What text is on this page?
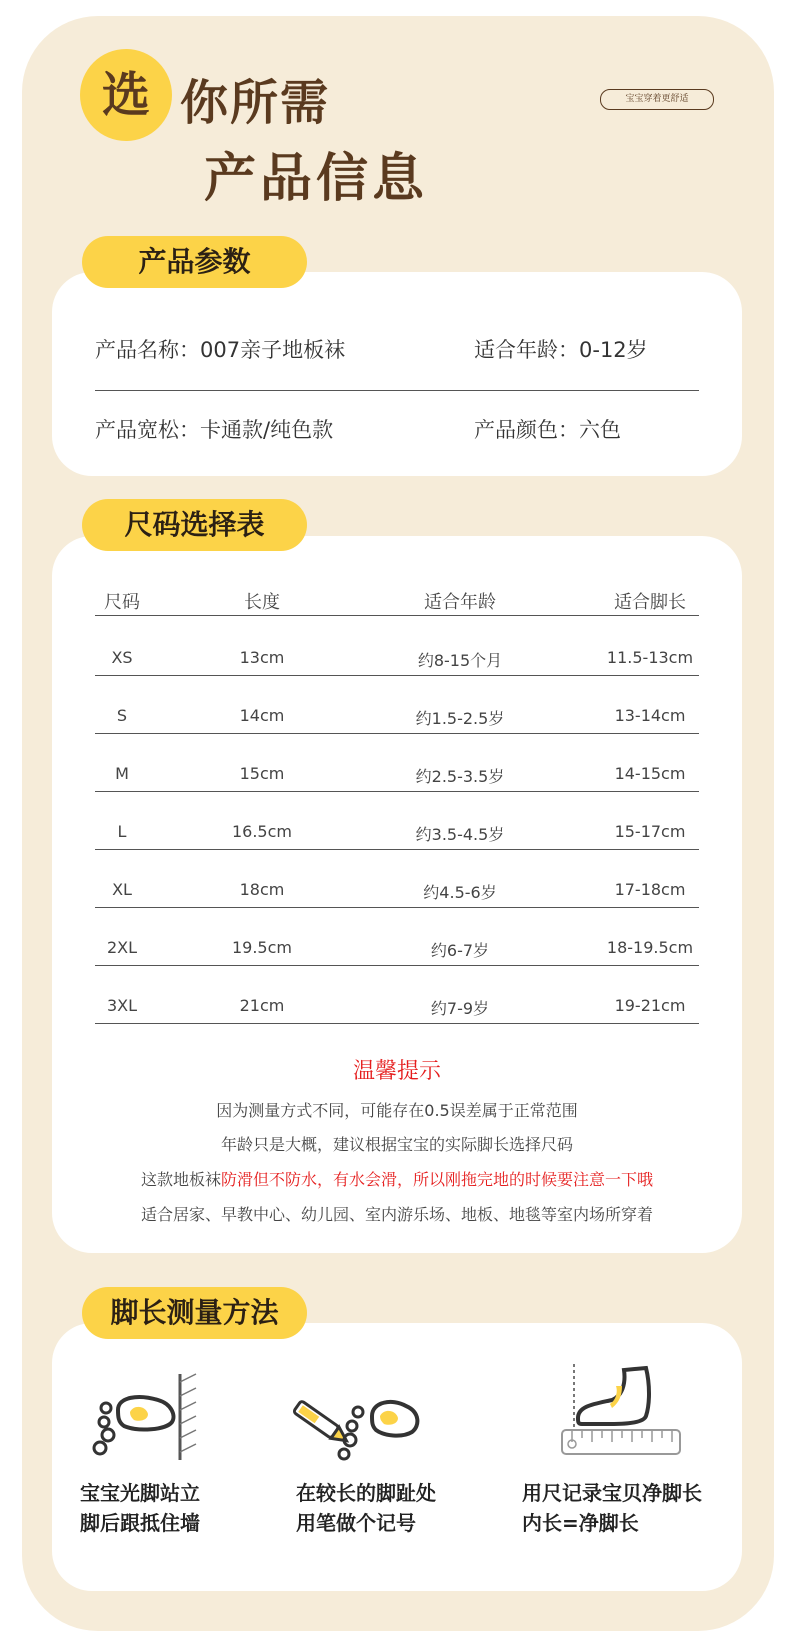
选 你所需
产品信息
宝宝穿着更舒适
产品参数
产品名称：007亲子地板袜	适合年龄：0-12岁
产品宽松：卡通款/纯色款	产品颜色：六色
尺码选择表
尺码	长度	适合年龄	适合脚长
XS	13cm	约8-15个月	11.5-13cm
S	14cm	约1.5-2.5岁	13-14cm
M	15cm	约2.5-3.5岁	14-15cm
L	16.5cm	约3.5-4.5岁	15-17cm
XL	18cm	约4.5-6岁	17-18cm
2XL	19.5cm	约6-7岁	18-19.5cm
3XL	21cm	约7-9岁	19-21cm
温馨提示
因为测量方式不同，可能存在0.5误差属于正常范围
年龄只是大概，建议根据宝宝的实际脚长选择尺码
这款地板袜防滑但不防水，有水会滑，所以刚拖完地的时候要注意一下哦
适合居家、早教中心、幼儿园、室内游乐场、地板、地毯等室内场所穿着
脚长测量方法
宝宝光脚站立
脚后跟抵住墙
在较长的脚趾处
用笔做个记号
用尺记录宝贝净脚长
内长=净脚长
